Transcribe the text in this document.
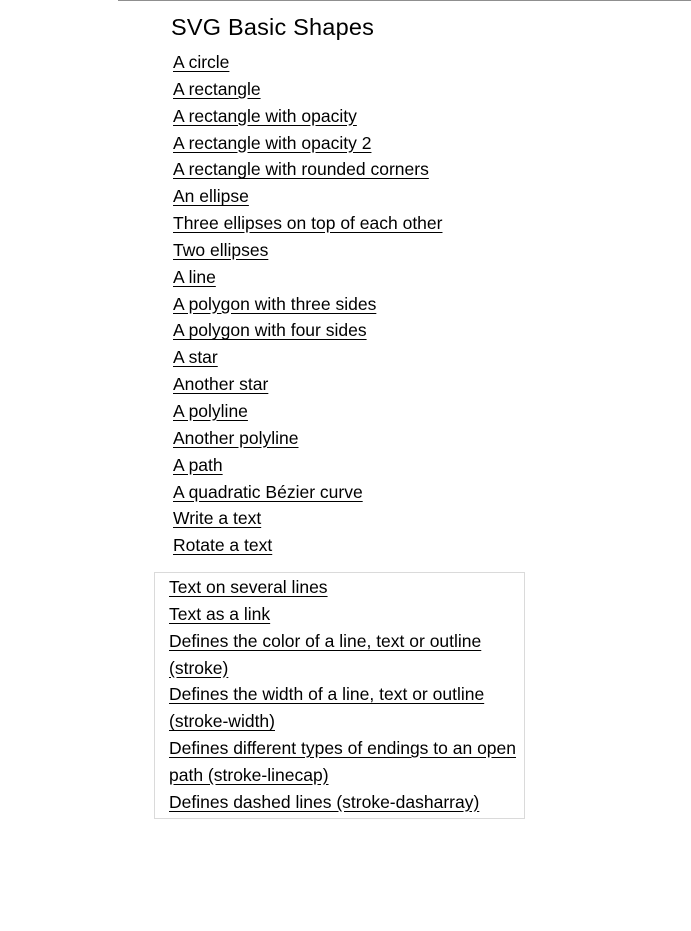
SVG Basic Shapes
A circle
A rectangle
A rectangle with opacity
A rectangle with opacity 2
A rectangle with rounded corners
An ellipse
Three ellipses on top of each other
Two ellipses
A line
A polygon with three sides
A polygon with four sides
A star
Another star
A polyline
Another polyline
A path
A quadratic Bézier curve
Write a text
Rotate a text
Text on several lines
Text as a link
Defines the color of a line, text or outline (stroke)
Defines the width of a line, text or outline (stroke-width)
Defines different types of endings to an open path (stroke-linecap)
Defines dashed lines (stroke-dasharray)
